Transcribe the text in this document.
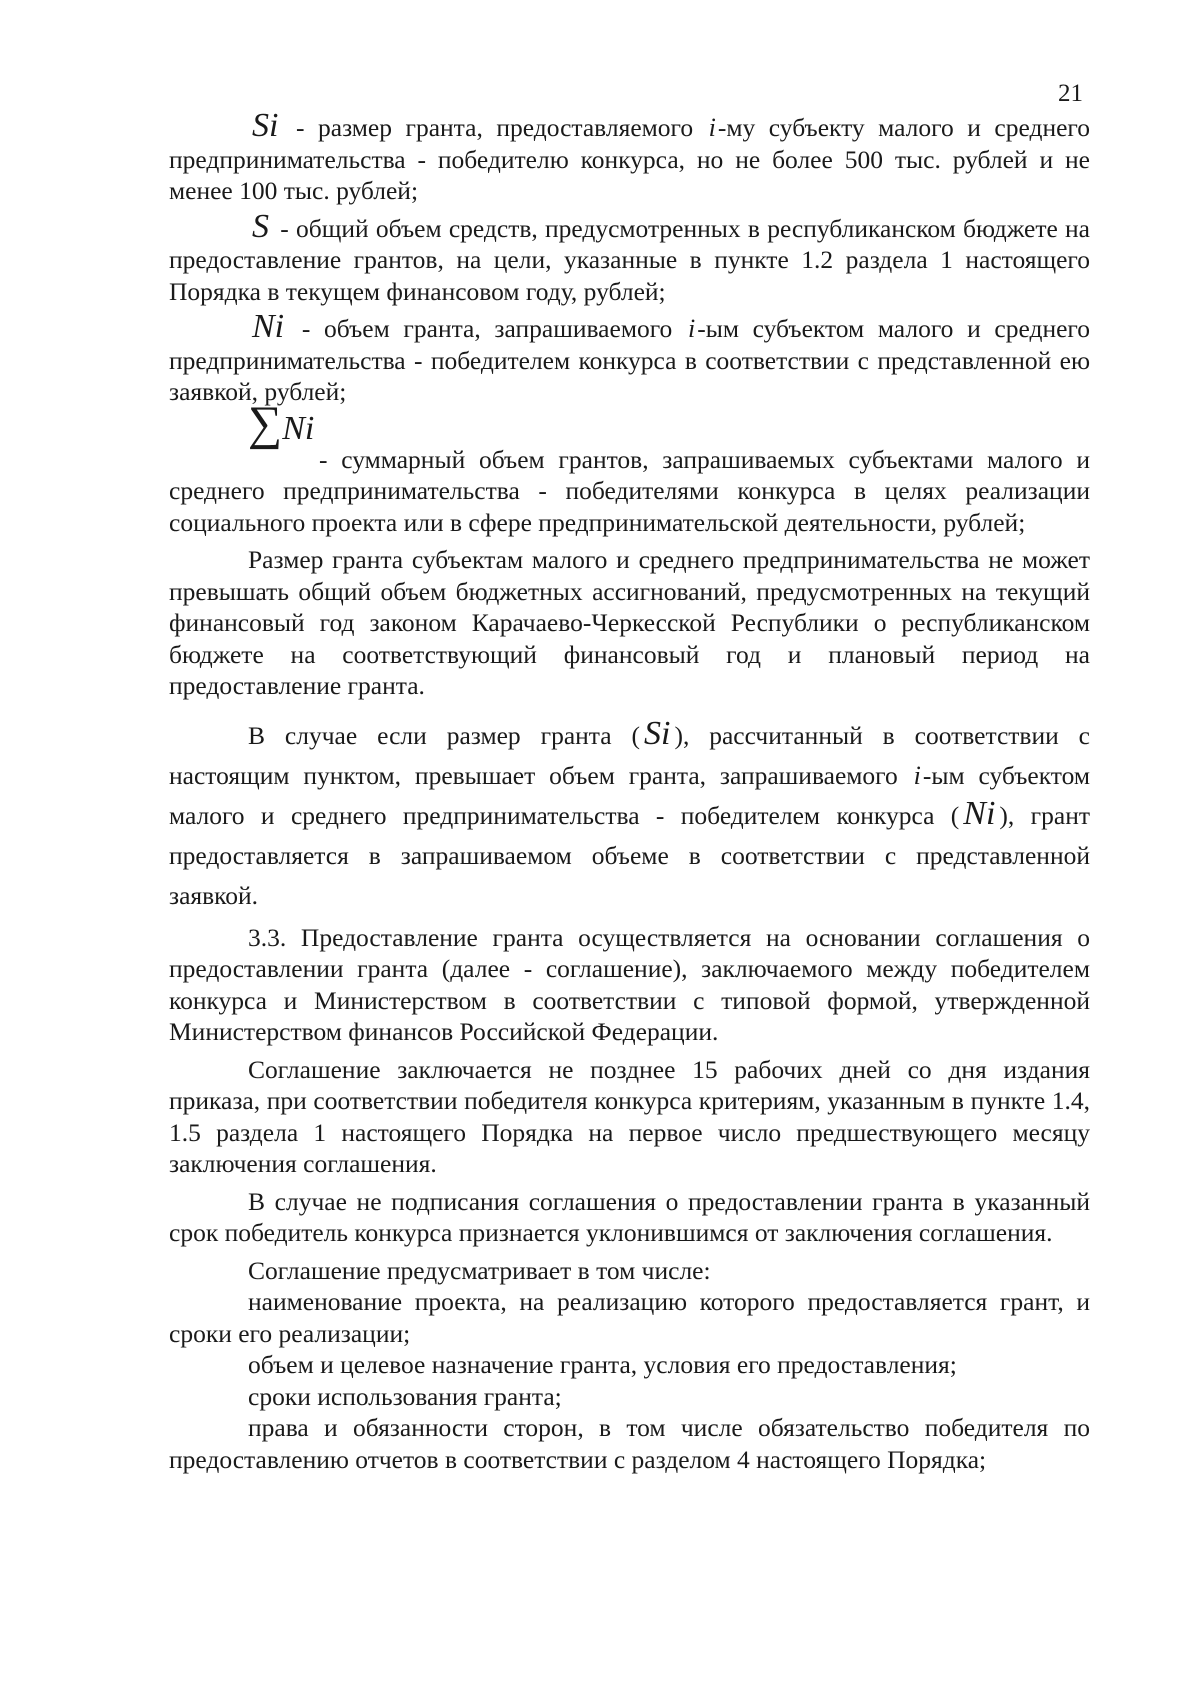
21

Si - размер гранта, предоставляемого i-му субъекту малого и среднего предпринимательства - победителю конкурса, но не более 500 тыс. рублей и не менее 100 тыс. рублей;

S - общий объем средств, предусмотренных в республиканском бюджете на предоставление грантов, на цели, указанные в пункте 1.2 раздела 1 настоящего Порядка в текущем финансовом году, рублей;

Ni - объем гранта, запрашиваемого i-ым субъектом малого и среднего предпринимательства - победителем конкурса в соответствии с представленной ею заявкой, рублей;

∑Ni

- суммарный объем грантов, запрашиваемых субъектами малого и среднего предпринимательства - победителями конкурса в целях реализации социального проекта или в сфере предпринимательской деятельности, рублей;

Размер гранта субъектам малого и среднего предпринимательства не может превышать общий объем бюджетных ассигнований, предусмотренных на текущий финансовый год законом Карачаево-Черкесской Республики о республиканском бюджете на соответствующий финансовый год и плановый период на предоставление гранта.

В случае если размер гранта ( Si ), рассчитанный в соответствии с настоящим пунктом, превышает объем гранта, запрашиваемого i-ым субъектом малого и среднего предпринимательства - победителем конкурса ( Ni ), грант предоставляется в запрашиваемом объеме в соответствии с представленной заявкой.

3.3. Предоставление гранта осуществляется на основании соглашения о предоставлении гранта (далее - соглашение), заключаемого между победителем конкурса и Министерством в соответствии с типовой формой, утвержденной Министерством финансов Российской Федерации.

Соглашение заключается не позднее 15 рабочих дней со дня издания приказа, при соответствии победителя конкурса критериям, указанным в пункте 1.4, 1.5 раздела 1 настоящего Порядка на первое число предшествующего месяцу заключения соглашения.

В случае не подписания соглашения о предоставлении гранта в указанный срок победитель конкурса признается уклонившимся от заключения соглашения.

Соглашение предусматривает в том числе:

наименование проекта, на реализацию которого предоставляется грант, и сроки его реализации;

объем и целевое назначение гранта, условия его предоставления;

сроки использования гранта;

права и обязанности сторон, в том числе обязательство победителя по предоставлению отчетов в соответствии с разделом 4 настоящего Порядка;
